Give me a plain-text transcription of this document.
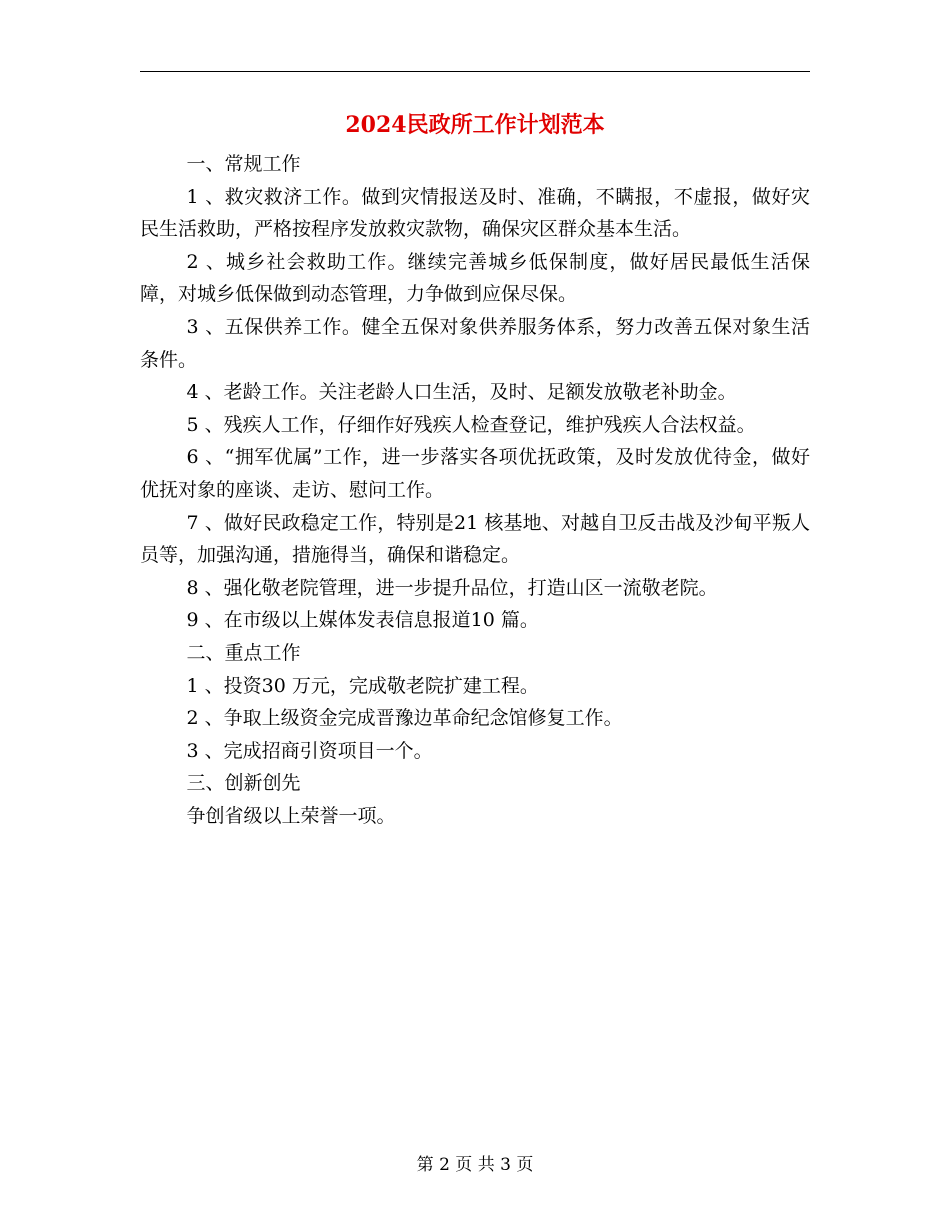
2024民政所工作计划范本

一、常规工作

1 、救灾救济工作。做到灾情报送及时、准确，不瞒报，不虚报，做好灾民生活救助，严格按程序发放救灾款物，确保灾区群众基本生活。

2 、城乡社会救助工作。继续完善城乡低保制度，做好居民最低生活保障，对城乡低保做到动态管理，力争做到应保尽保。

3 、五保供养工作。健全五保对象供养服务体系，努力改善五保对象生活条件。

4 、老龄工作。关注老龄人口生活，及时、足额发放敬老补助金。

5 、残疾人工作，仔细作好残疾人检查登记，维护残疾人合法权益。

6 、“拥军优属”工作，进一步落实各项优抚政策，及时发放优待金，做好优抚对象的座谈、走访、慰问工作。

7 、做好民政稳定工作，特别是21 核基地、对越自卫反击战及沙甸平叛人员等，加强沟通，措施得当，确保和谐稳定。

8 、强化敬老院管理，进一步提升品位，打造山区一流敬老院。

9 、在市级以上媒体发表信息报道10 篇。

二、重点工作

1 、投资30 万元，完成敬老院扩建工程。

2 、争取上级资金完成晋豫边革命纪念馆修复工作。

3 、完成招商引资项目一个。

三、创新创先

争创省级以上荣誉一项。

第 2 页 共 3 页
